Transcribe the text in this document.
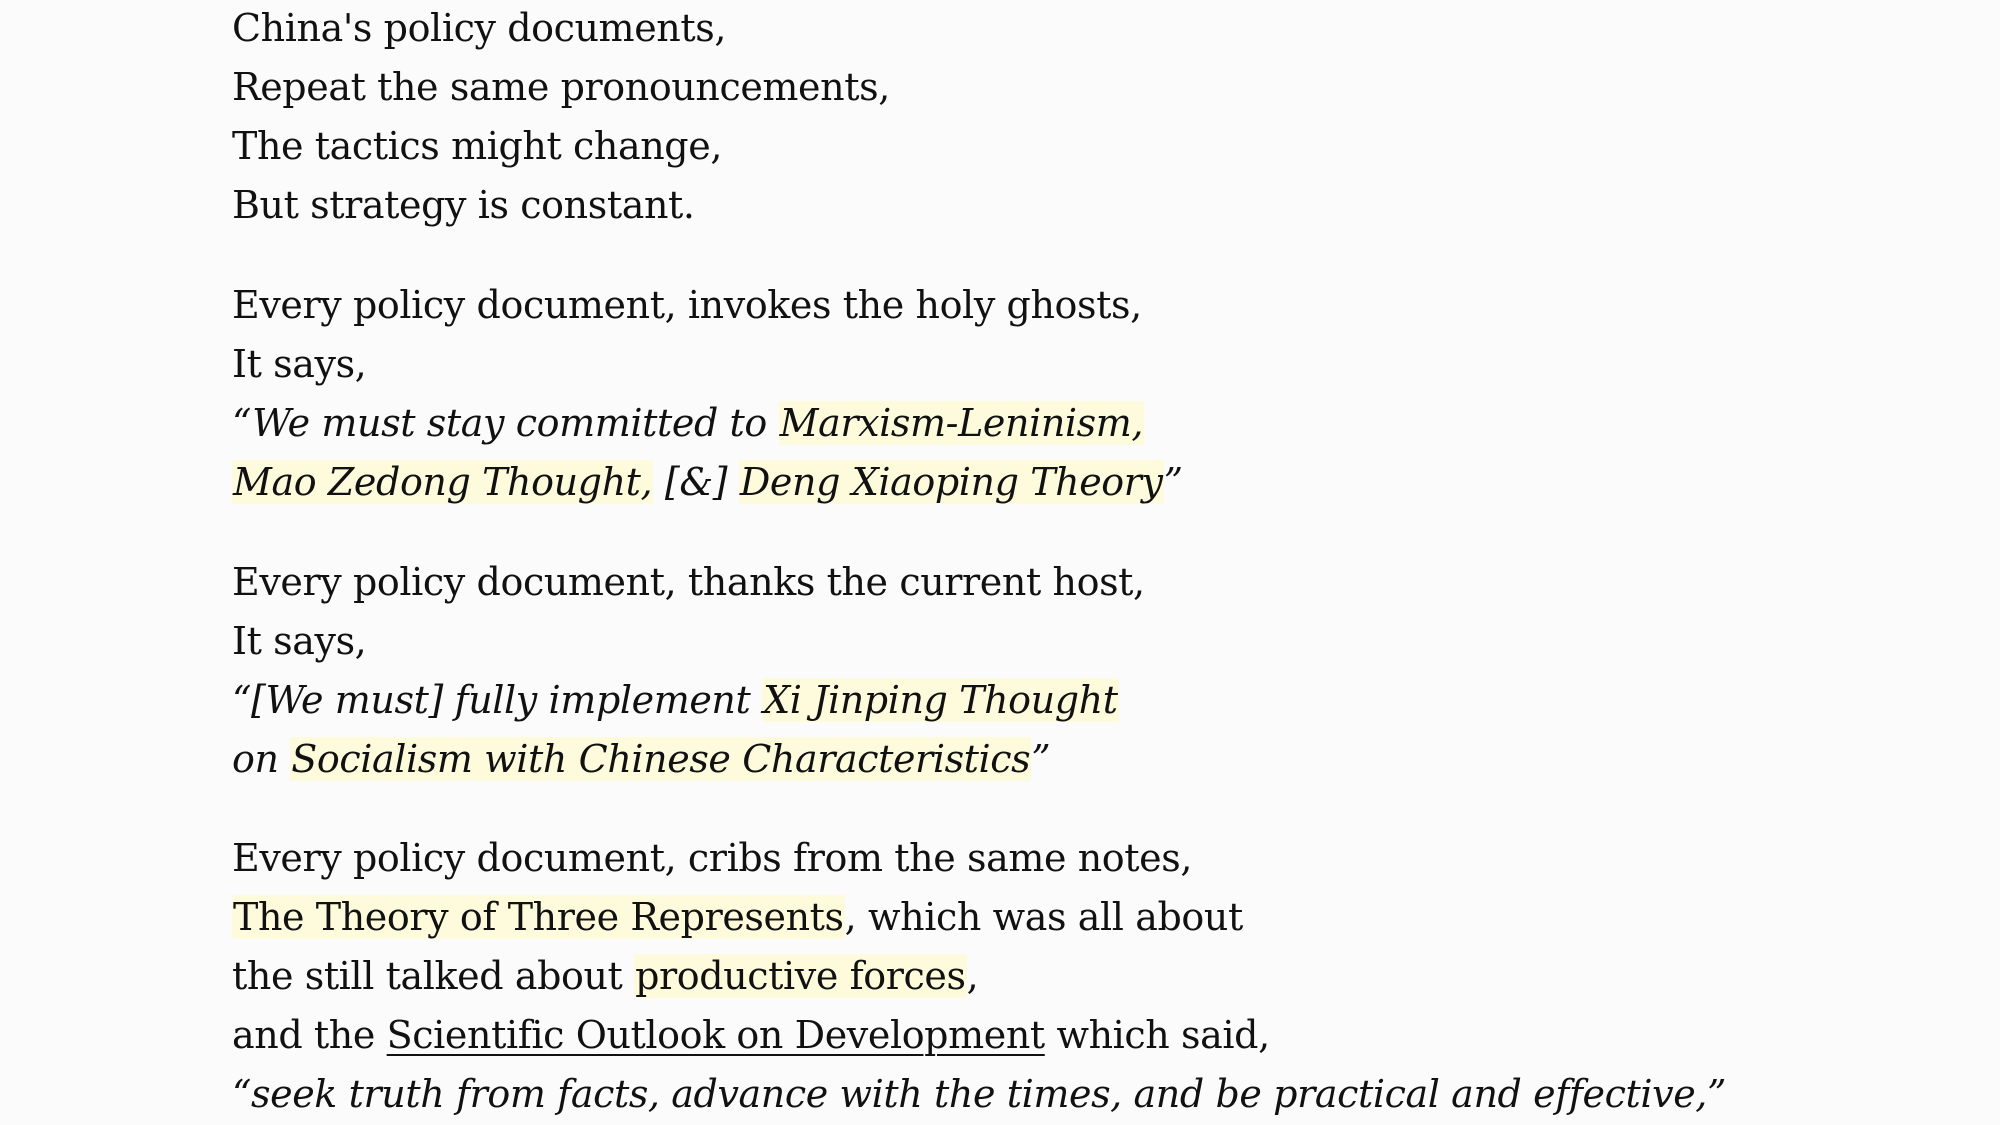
China's policy documents,
Repeat the same pronouncements,
The tactics might change,
But strategy is constant.
Every policy document, invokes the holy ghosts,
It says,
“We must stay committed to Marxism-Leninism,
Mao Zedong Thought, [&] Deng Xiaoping Theory”
Every policy document, thanks the current host,
It says,
“[We must] fully implement Xi Jinping Thought
on Socialism with Chinese Characteristics”
Every policy document, cribs from the same notes,
The Theory of Three Represents, which was all about
the still talked about productive forces,
and the Scientific Outlook on Development which said,
“seek truth from facts, advance with the times, and be practical and effective,”
